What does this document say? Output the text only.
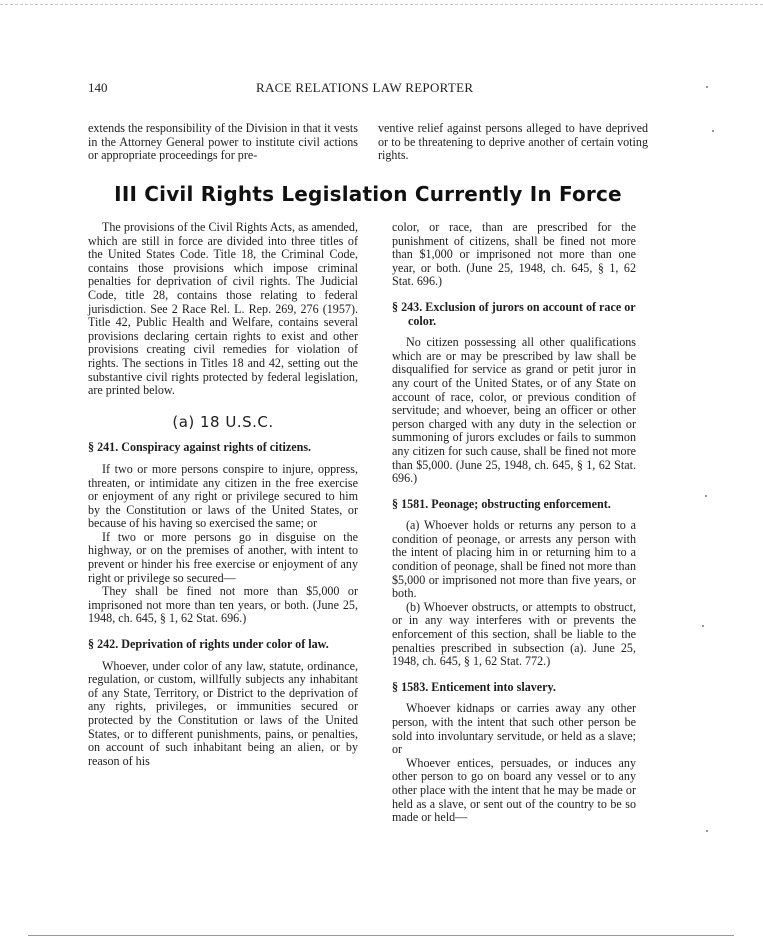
140	RACE RELATIONS LAW REPORTER

extends the responsibility of the Division in that it vests in the Attorney General power to institute civil actions or appropriate proceedings for pre-

ventive relief against persons alleged to have deprived or to be threatening to deprive another of certain voting rights.

III Civil Rights Legislation Currently In Force

The provisions of the Civil Rights Acts, as amended, which are still in force are divided into three titles of the United States Code. Title 18, the Criminal Code, contains those provisions which impose criminal penalties for deprivation of civil rights. The Judicial Code, title 28, contains those relating to federal jurisdiction. See 2 Race Rel. L. Rep. 269, 276 (1957). Title 42, Public Health and Welfare, contains several provisions declaring certain rights to exist and other provisions creating civil remedies for violation of rights. The sections in Titles 18 and 42, setting out the substantive civil rights protected by federal legislation, are printed below.

(a) 18 U.S.C.
§ 241. Conspiracy against rights of citizens.

If two or more persons conspire to injure, oppress, threaten, or intimidate any citizen in the free exercise or enjoyment of any right or privilege secured to him by the Constitution or laws of the United States, or because of his having so exercised the same; or

If two or more persons go in disguise on the highway, or on the premises of another, with intent to prevent or hinder his free exercise or enjoyment of any right or privilege so secured—

They shall be fined not more than $5,000 or imprisoned not more than ten years, or both. (June 25, 1948, ch. 645, § 1, 62 Stat. 696.)

§ 242. Deprivation of rights under color of law.

Whoever, under color of any law, statute, ordinance, regulation, or custom, willfully subjects any inhabitant of any State, Territory, or District to the deprivation of any rights, privileges, or immunities secured or protected by the Constitution or laws of the United States, or to different punishments, pains, or penalties, on account of such inhabitant being an alien, or by reason of his

color, or race, than are prescribed for the punishment of citizens, shall be fined not more than $1,000 or imprisoned not more than one year, or both. (June 25, 1948, ch. 645, § 1, 62 Stat. 696.)

§ 243. Exclusion of jurors on account of race or color.

No citizen possessing all other qualifications which are or may be prescribed by law shall be disqualified for service as grand or petit juror in any court of the United States, or of any State on account of race, color, or previous condition of servitude; and whoever, being an officer or other person charged with any duty in the selection or summoning of jurors excludes or fails to summon any citizen for such cause, shall be fined not more than $5,000. (June 25, 1948, ch. 645, § 1, 62 Stat. 696.)

§ 1581. Peonage; obstructing enforcement.

(a) Whoever holds or returns any person to a condition of peonage, or arrests any person with the intent of placing him in or returning him to a condition of peonage, shall be fined not more than $5,000 or imprisoned not more than five years, or both.

(b) Whoever obstructs, or attempts to obstruct, or in any way interferes with or prevents the enforcement of this section, shall be liable to the penalties prescribed in subsection (a). June 25, 1948, ch. 645, § 1, 62 Stat. 772.)

§ 1583. Enticement into slavery.

Whoever kidnaps or carries away any other person, with the intent that such other person be sold into involuntary servitude, or held as a slave; or

Whoever entices, persuades, or induces any other person to go on board any vessel or to any other place with the intent that he may be made or held as a slave, or sent out of the country to be so made or held—
